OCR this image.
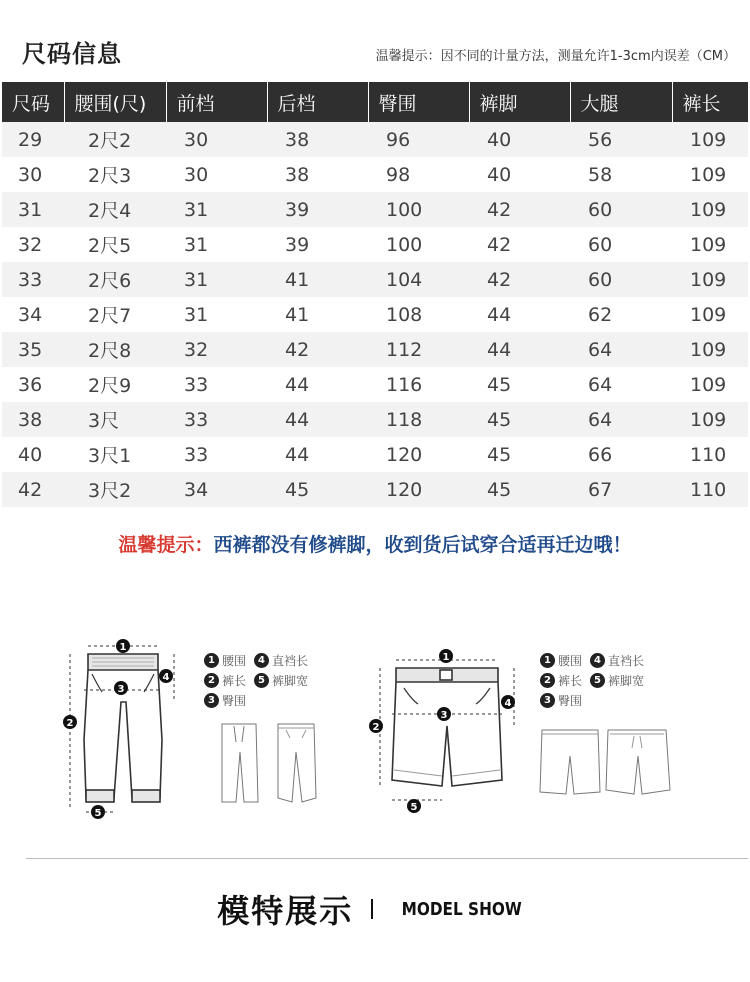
尺码信息	温馨提示：因不同的计量方法，测量允许1-3cm内误差（CM）
尺码	腰围(尺)	前档	后档	臀围	裤脚	大腿	裤长
29	2尺2	30	38	96	40	56	109
30	2尺3	30	38	98	40	58	109
31	2尺4	31	39	100	42	60	109
32	2尺5	31	39	100	42	60	109
33	2尺6	31	41	104	42	60	109
34	2尺7	31	41	108	44	62	109
35	2尺8	32	42	112	44	64	109
36	2尺9	33	44	116	45	64	109
38	3尺	33	44	118	45	64	109
40	3尺1	33	44	120	45	66	110
42	3尺2	34	45	120	45	67	110
温馨提示：西裤都没有修裤脚，收到货后试穿合适再迁边哦！
1
2
3
4
5
1 腰围	4 直裆长
2 裤长	5 裤脚宽
3 臀围
1
2
3
4
5
1 腰围	4 直裆长
2 裤长	5 裤脚宽
3 臀围
模特展示	MODEL SHOW
